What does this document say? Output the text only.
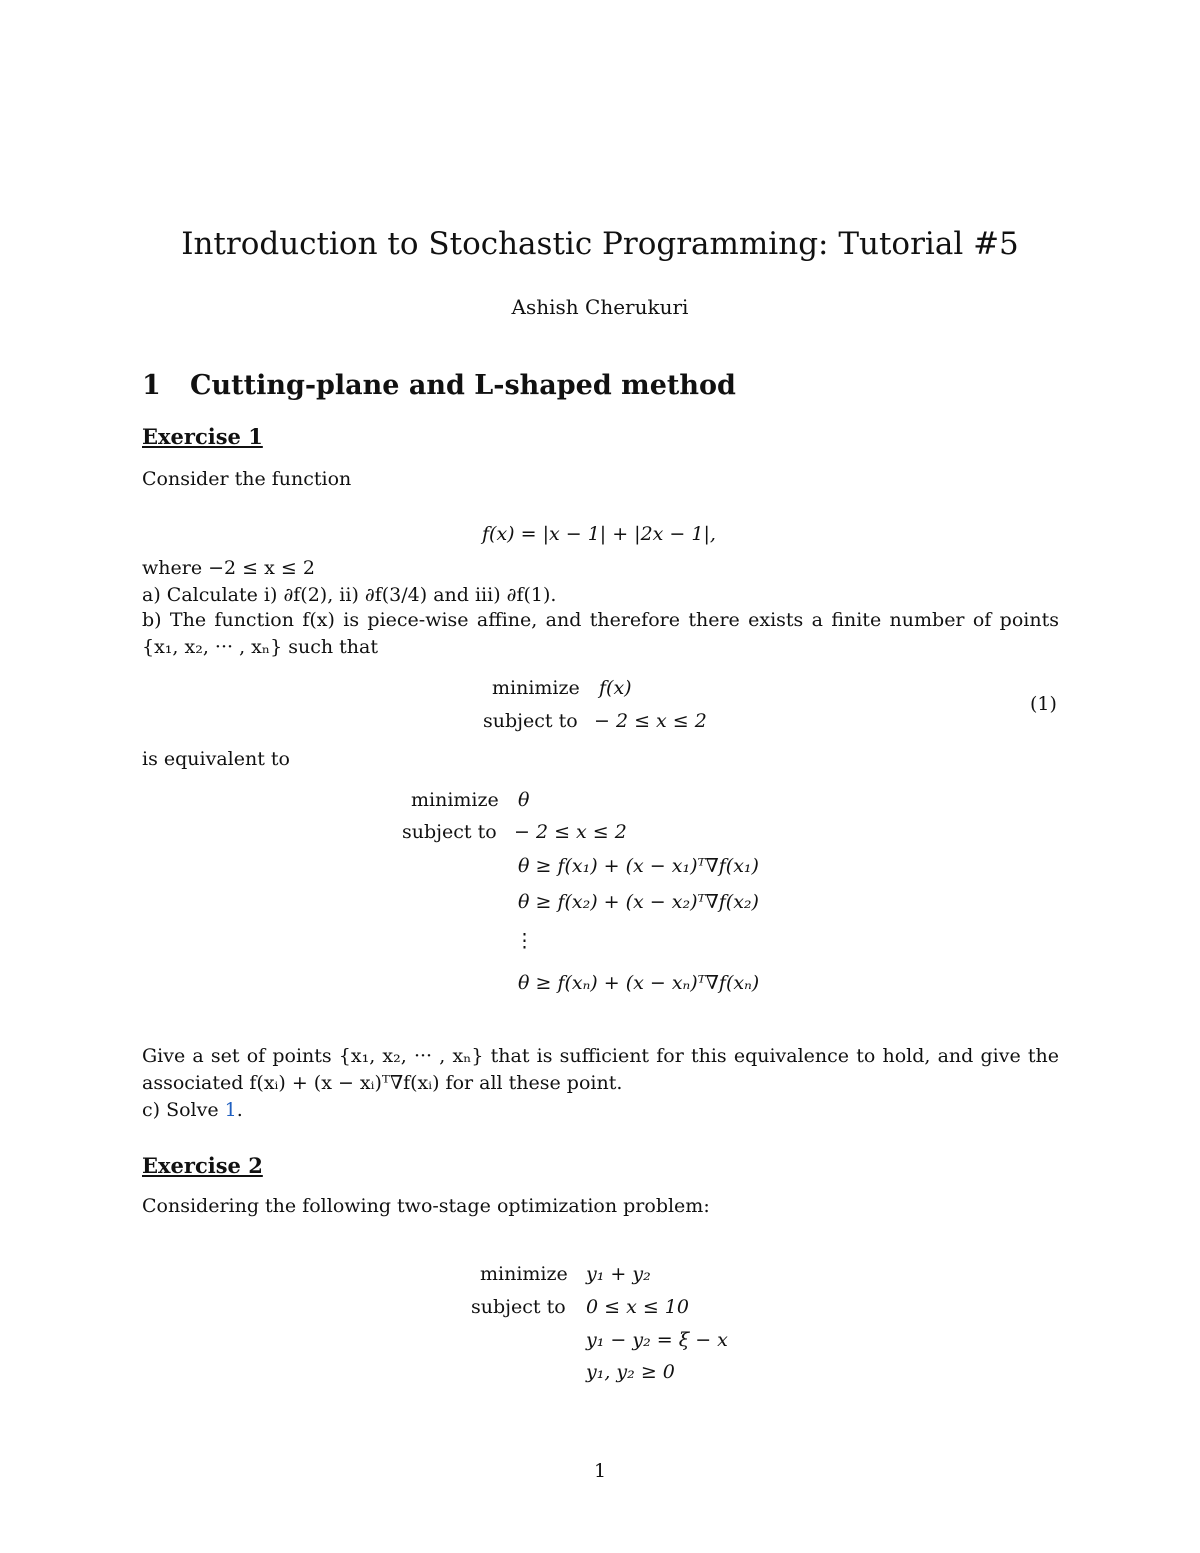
Introduction to Stochastic Programming: Tutorial #5
Ashish Cherukuri
1 Cutting-plane and L-shaped method
Exercise 1
Consider the function
f(x) = |x − 1| + |2x − 1|,
where −2 ≤ x ≤ 2
a) Calculate i) ∂f(2), ii) ∂f(3/4) and iii) ∂f(1).
b) The function f(x) is piece-wise affine, and therefore there exists a finite number of points
{x₁, x₂, ··· , xₙ} such that
minimize f(x)
subject to − 2 ≤ x ≤ 2
(1)
is equivalent to
minimize θ
subject to − 2 ≤ x ≤ 2
θ ≥ f(x₁) + (x − x₁)ᵀ∇f(x₁)
θ ≥ f(x₂) + (x − x₂)ᵀ∇f(x₂)
⋮
θ ≥ f(xₙ) + (x − xₙ)ᵀ∇f(xₙ)
Give a set of points {x₁, x₂, ··· , xₙ} that is sufficient for this equivalence to hold, and give the
associated f(xᵢ) + (x − xᵢ)ᵀ∇f(xᵢ) for all these point.
c) Solve 1.
Exercise 2
Considering the following two-stage optimization problem:
minimize y₁ + y₂
subject to 0 ≤ x ≤ 10
y₁ − y₂ = ξ − x
y₁, y₂ ≥ 0
1
